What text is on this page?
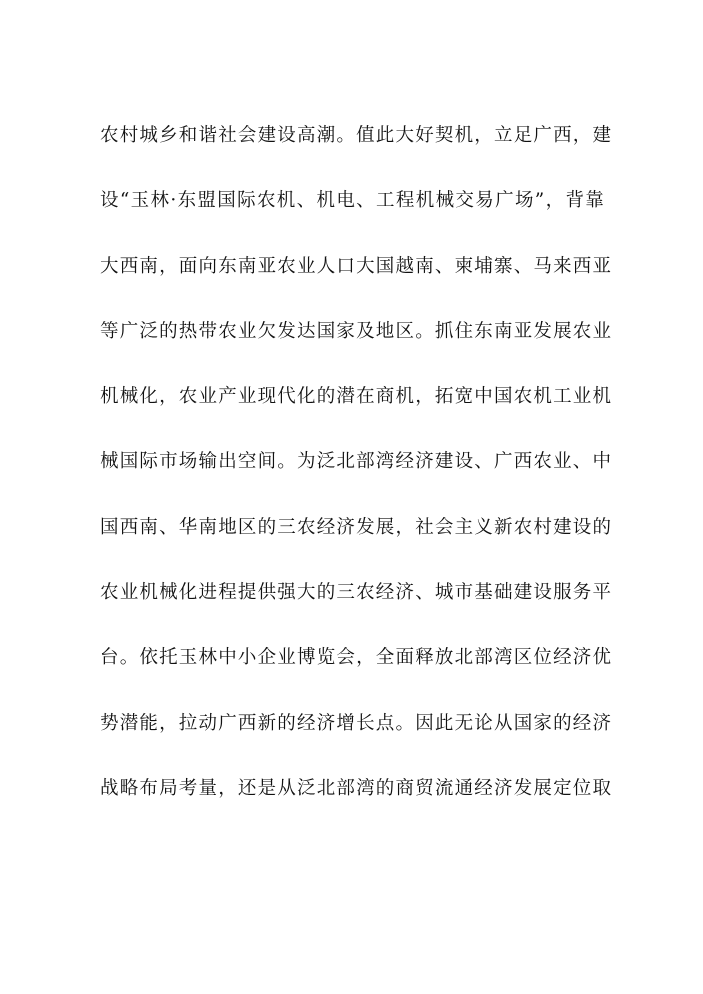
农村城乡和谐社会建设高潮。值此大好契机，立足广西，建
设“玉林·东盟国际农机、机电、工程机械交易广场”，背靠
大西南，面向东南亚农业人口大国越南、柬埔寨、马来西亚
等广泛的热带农业欠发达国家及地区。抓住东南亚发展农业
机械化，农业产业现代化的潜在商机，拓宽中国农机工业机
械国际市场输出空间。为泛北部湾经济建设、广西农业、中
国西南、华南地区的三农经济发展，社会主义新农村建设的
农业机械化进程提供强大的三农经济、城市基础建设服务平
台。依托玉林中小企业博览会，全面释放北部湾区位经济优
势潜能，拉动广西新的经济增长点。因此无论从国家的经济
战略布局考量，还是从泛北部湾的商贸流通经济发展定位取
